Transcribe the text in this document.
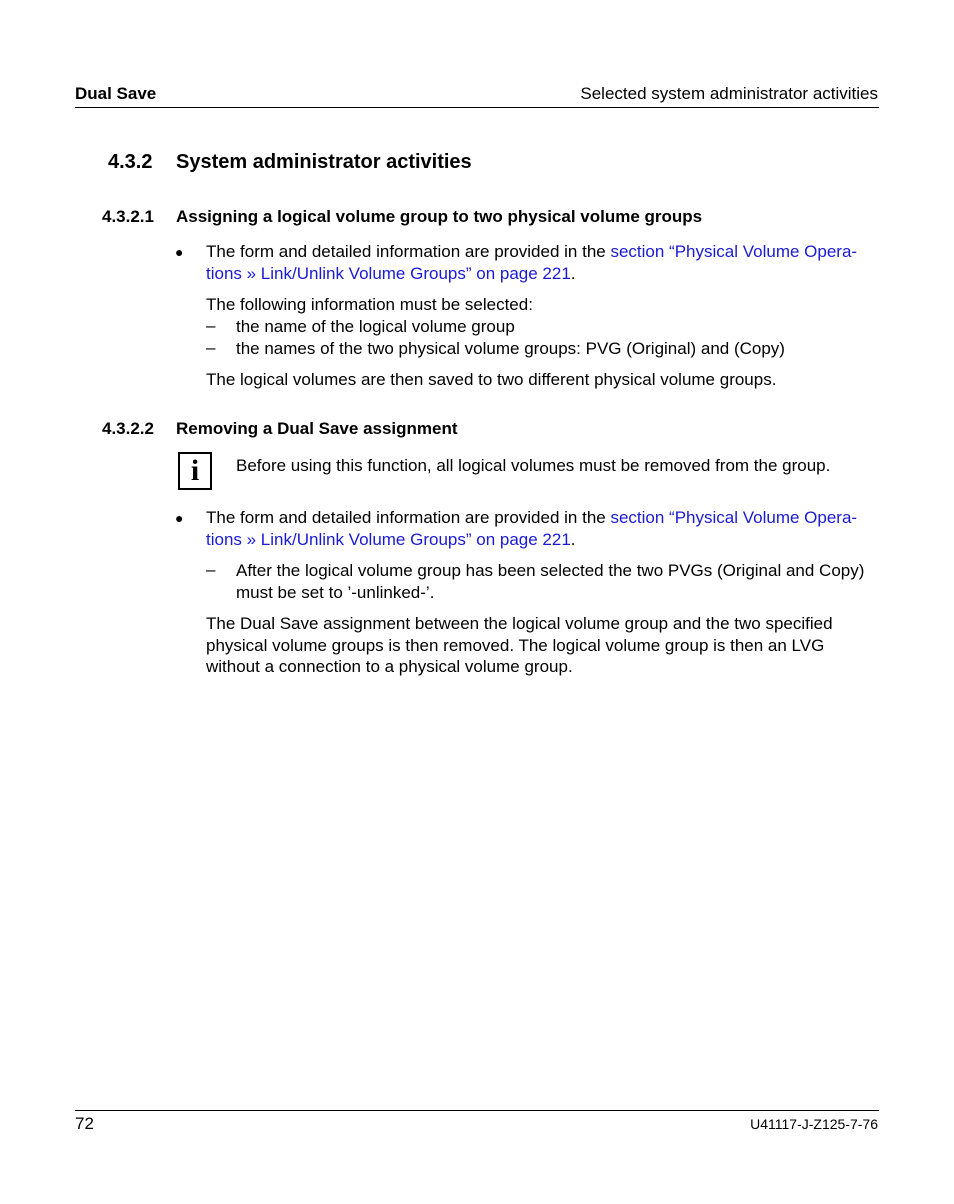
Dual Save	Selected system administrator activities
4.3.2 System administrator activities
4.3.2.1 Assigning a logical volume group to two physical volume groups
● The form and detailed information are provided in the section “Physical Volume Opera-
tions » Link/Unlink Volume Groups” on page 221.
The following information must be selected:
– the name of the logical volume group
– the names of the two physical volume groups: PVG (Original) and (Copy)
The logical volumes are then saved to two different physical volume groups.
4.3.2.2 Removing a Dual Save assignment
i	Before using this function, all logical volumes must be removed from the group.
● The form and detailed information are provided in the section “Physical Volume Opera-
tions » Link/Unlink Volume Groups” on page 221.
– After the logical volume group has been selected the two PVGs (Original and Copy)
must be set to ’-unlinked-’.
The Dual Save assignment between the logical volume group and the two specified
physical volume groups is then removed. The logical volume group is then an LVG
without a connection to a physical volume group.
72	U41117-J-Z125-7-76
